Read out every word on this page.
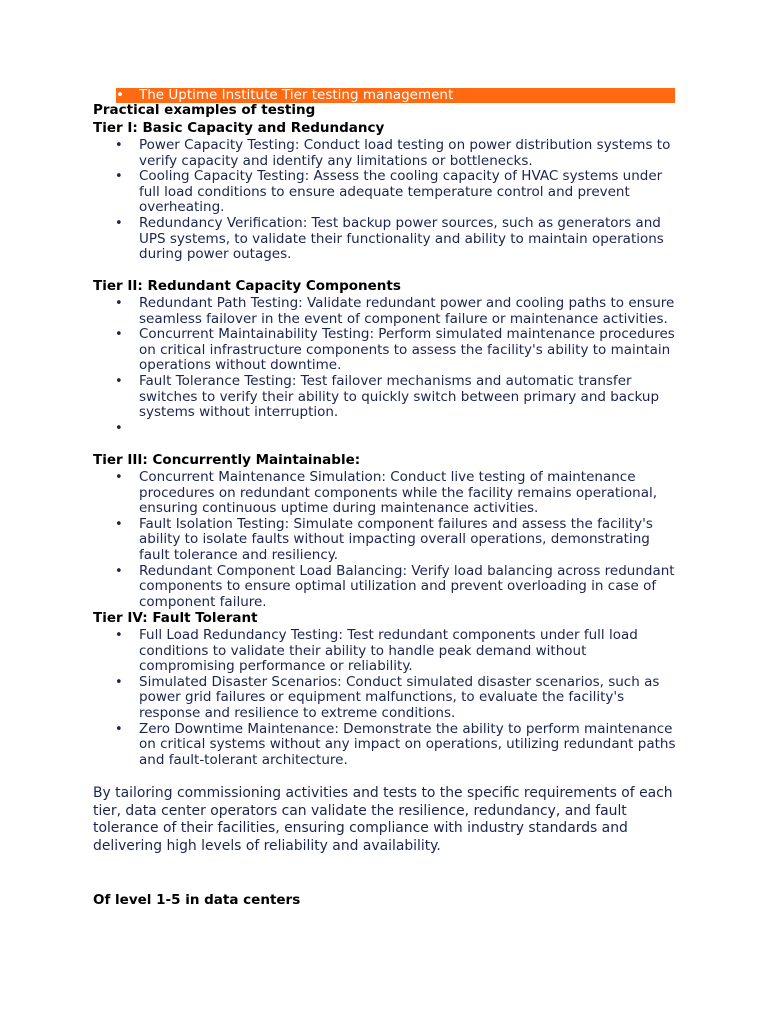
•	The Uptime Institute Tier testing management
Practical examples of testing
Tier I: Basic Capacity and Redundancy
• Power Capacity Testing: Conduct load testing on power distribution systems to verify capacity and identify any limitations or bottlenecks.
• Cooling Capacity Testing: Assess the cooling capacity of HVAC systems under full load conditions to ensure adequate temperature control and prevent overheating.
• Redundancy Verification: Test backup power sources, such as generators and UPS systems, to validate their functionality and ability to maintain operations during power outages.
Tier II: Redundant Capacity Components
• Redundant Path Testing: Validate redundant power and cooling paths to ensure seamless failover in the event of component failure or maintenance activities.
• Concurrent Maintainability Testing: Perform simulated maintenance procedures on critical infrastructure components to assess the facility's ability to maintain operations without downtime.
• Fault Tolerance Testing: Test failover mechanisms and automatic transfer switches to verify their ability to quickly switch between primary and backup systems without interruption.
•
Tier III: Concurrently Maintainable:
• Concurrent Maintenance Simulation: Conduct live testing of maintenance procedures on redundant components while the facility remains operational, ensuring continuous uptime during maintenance activities.
• Fault Isolation Testing: Simulate component failures and assess the facility's ability to isolate faults without impacting overall operations, demonstrating fault tolerance and resiliency.
• Redundant Component Load Balancing: Verify load balancing across redundant components to ensure optimal utilization and prevent overloading in case of component failure.
Tier IV: Fault Tolerant
• Full Load Redundancy Testing: Test redundant components under full load conditions to validate their ability to handle peak demand without compromising performance or reliability.
• Simulated Disaster Scenarios: Conduct simulated disaster scenarios, such as power grid failures or equipment malfunctions, to evaluate the facility's response and resilience to extreme conditions.
• Zero Downtime Maintenance: Demonstrate the ability to perform maintenance on critical systems without any impact on operations, utilizing redundant paths and fault-tolerant architecture.
By tailoring commissioning activities and tests to the specific requirements of each tier, data center operators can validate the resilience, redundancy, and fault tolerance of their facilities, ensuring compliance with industry standards and delivering high levels of reliability and availability.
Of level 1-5 in data centers
